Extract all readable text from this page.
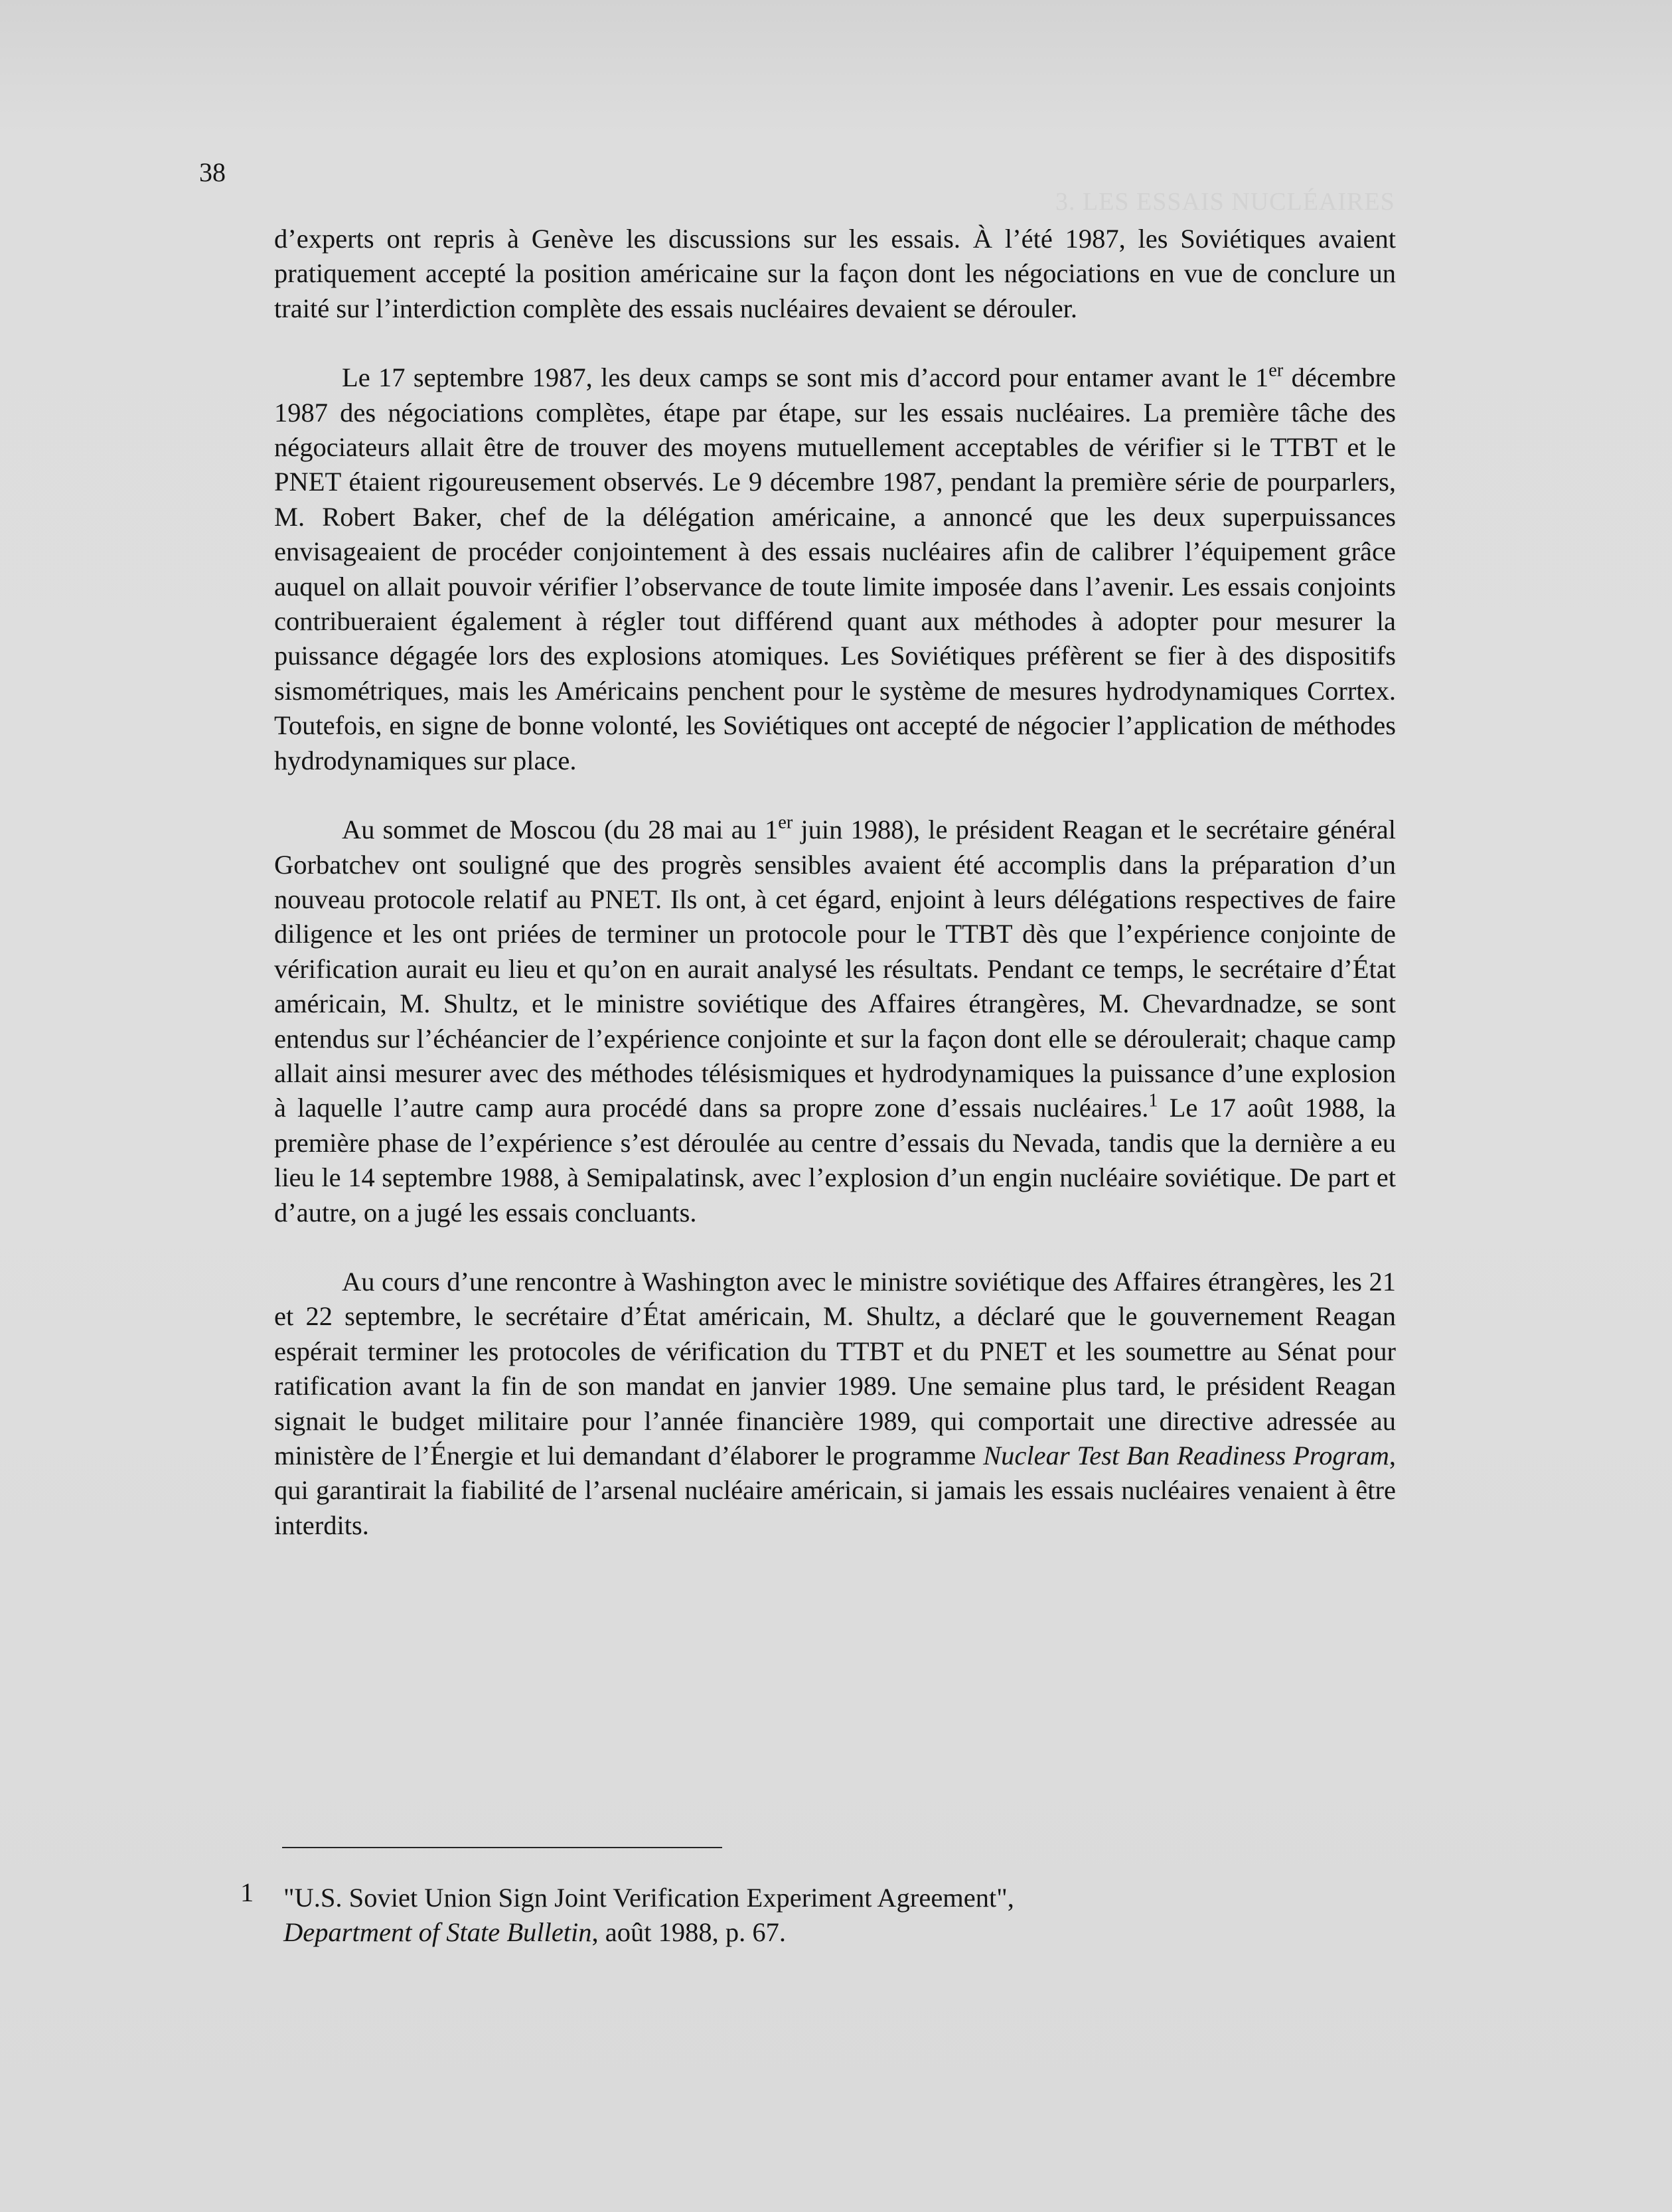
3. LES ESSAIS NUCLÉAIRES
38

d’experts ont repris à Genève les discussions sur les essais. À l’été 1987, les Soviétiques avaient pratiquement accepté la position américaine sur la façon dont les négociations en vue de conclure un traité sur l’interdiction complète des essais nucléaires devaient se dérouler.

Le 17 septembre 1987, les deux camps se sont mis d’accord pour entamer avant le 1er décembre 1987 des négociations complètes, étape par étape, sur les essais nucléaires. La première tâche des négociateurs allait être de trouver des moyens mutuellement acceptables de vérifier si le TTBT et le PNET étaient rigoureusement observés. Le 9 décembre 1987, pendant la première série de pourparlers, M. Robert Baker, chef de la délégation américaine, a annoncé que les deux superpuissances envisageaient de procéder conjointement à des essais nucléaires afin de calibrer l’équipement grâce auquel on allait pouvoir vérifier l’observance de toute limite imposée dans l’avenir. Les essais conjoints contribueraient également à régler tout différend quant aux méthodes à adopter pour mesurer la puissance dégagée lors des explosions atomiques. Les Soviétiques préfèrent se fier à des dispositifs sismométriques, mais les Américains penchent pour le système de mesures hydrodynamiques Corrtex. Toutefois, en signe de bonne volonté, les Soviétiques ont accepté de négocier l’application de méthodes hydrodynamiques sur place.

Au sommet de Moscou (du 28 mai au 1er juin 1988), le président Reagan et le secrétaire général Gorbatchev ont souligné que des progrès sensibles avaient été accomplis dans la préparation d’un nouveau protocole relatif au PNET. Ils ont, à cet égard, enjoint à leurs délégations respectives de faire diligence et les ont priées de terminer un protocole pour le TTBT dès que l’expérience conjointe de vérification aurait eu lieu et qu’on en aurait analysé les résultats. Pendant ce temps, le secrétaire d’État américain, M. Shultz, et le ministre soviétique des Affaires étrangères, M. Chevardnadze, se sont entendus sur l’échéancier de l’expérience conjointe et sur la façon dont elle se déroulerait; chaque camp allait ainsi mesurer avec des méthodes télésismiques et hydrodynamiques la puissance d’une explosion à laquelle l’autre camp aura procédé dans sa propre zone d’essais nucléaires.$^1$ Le 17 août 1988, la première phase de l’expérience s’est déroulée au centre d’essais du Nevada, tandis que la dernière a eu lieu le 14 septembre 1988, à Semipalatinsk, avec l’explosion d’un engin nucléaire soviétique. De part et d’autre, on a jugé les essais concluants.

Au cours d’une rencontre à Washington avec le ministre soviétique des Affaires étrangères, les 21 et 22 septembre, le secrétaire d’État américain, M. Shultz, a déclaré que le gouvernement Reagan espérait terminer les protocoles de vérification du TTBT et du PNET et les soumettre au Sénat pour ratification avant la fin de son mandat en janvier 1989. Une semaine plus tard, le président Reagan signait le budget militaire pour l’année financière 1989, qui comportait une directive adressée au ministère de l’Énergie et lui demandant d’élaborer le programme Nuclear Test Ban Readiness Program, qui garantirait la fiabilité de l’arsenal nucléaire américain, si jamais les essais nucléaires venaient à être interdits.

1 "U.S. Soviet Union Sign Joint Verification Experiment Agreement",
Department of State Bulletin, août 1988, p. 67.
